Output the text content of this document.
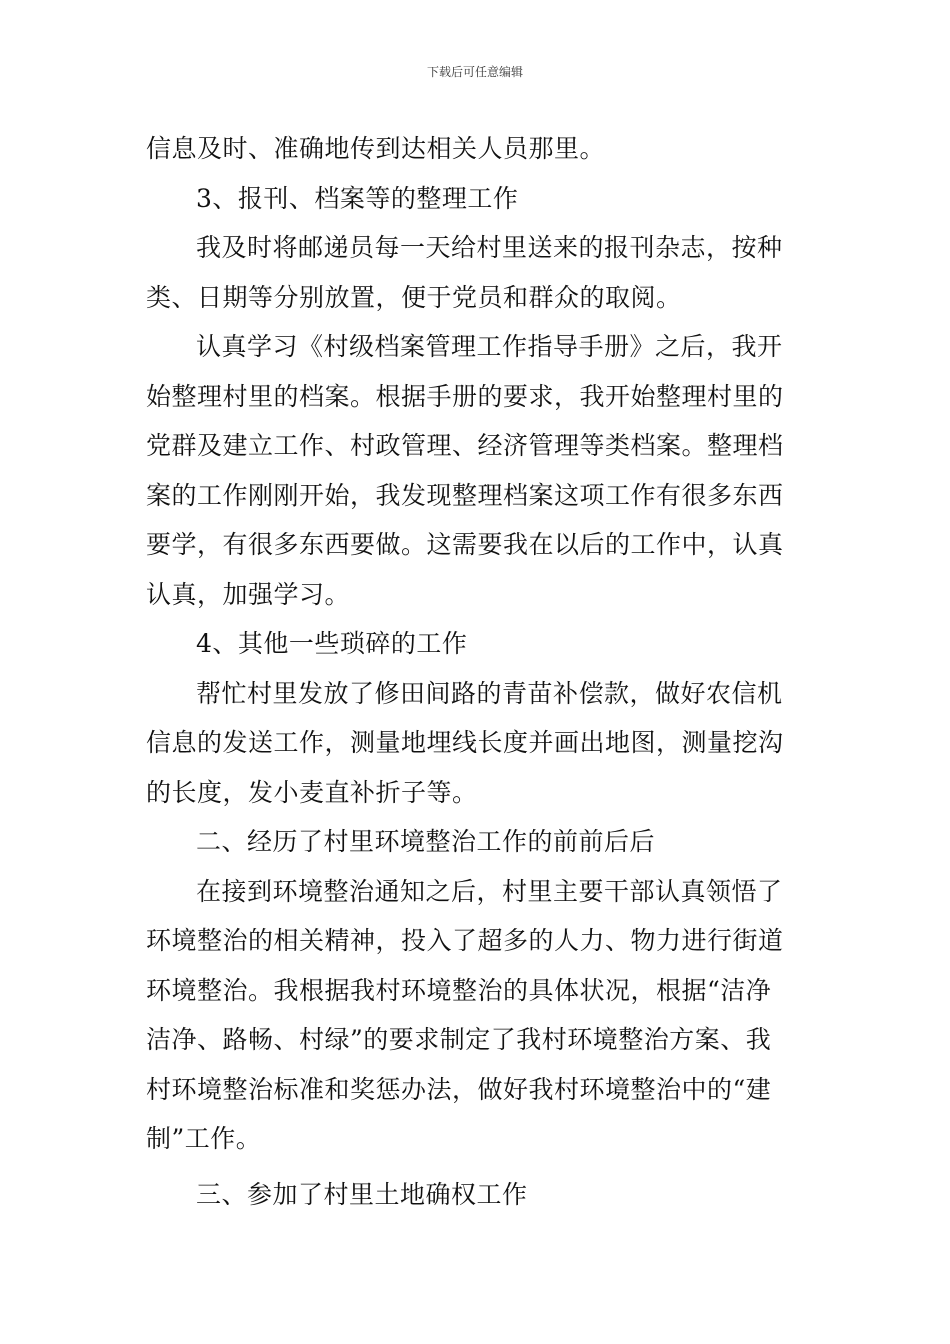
下载后可任意编辑
信息及时、准确地传到达相关人员那里。
3、报刊、档案等的整理工作
我及时将邮递员每一天给村里送来的报刊杂志，按种
类、日期等分别放置，便于党员和群众的取阅。
认真学习《村级档案管理工作指导手册》之后，我开
始整理村里的档案。根据手册的要求，我开始整理村里的
党群及建立工作、村政管理、经济管理等类档案。整理档
案的工作刚刚开始，我发现整理档案这项工作有很多东西
要学，有很多东西要做。这需要我在以后的工作中，认真
认真，加强学习。
4、其他一些琐碎的工作
帮忙村里发放了修田间路的青苗补偿款，做好农信机
信息的发送工作，测量地埋线长度并画出地图，测量挖沟
的长度，发小麦直补折子等。
二、经历了村里环境整治工作的前前后后
在接到环境整治通知之后，村里主要干部认真领悟了
环境整治的相关精神，投入了超多的人力、物力进行街道
环境整治。我根据我村环境整治的具体状况，根据“洁净
洁净、路畅、村绿”的要求制定了我村环境整治方案、我
村环境整治标准和奖惩办法，做好我村环境整治中的“建
制”工作。
三、参加了村里土地确权工作
